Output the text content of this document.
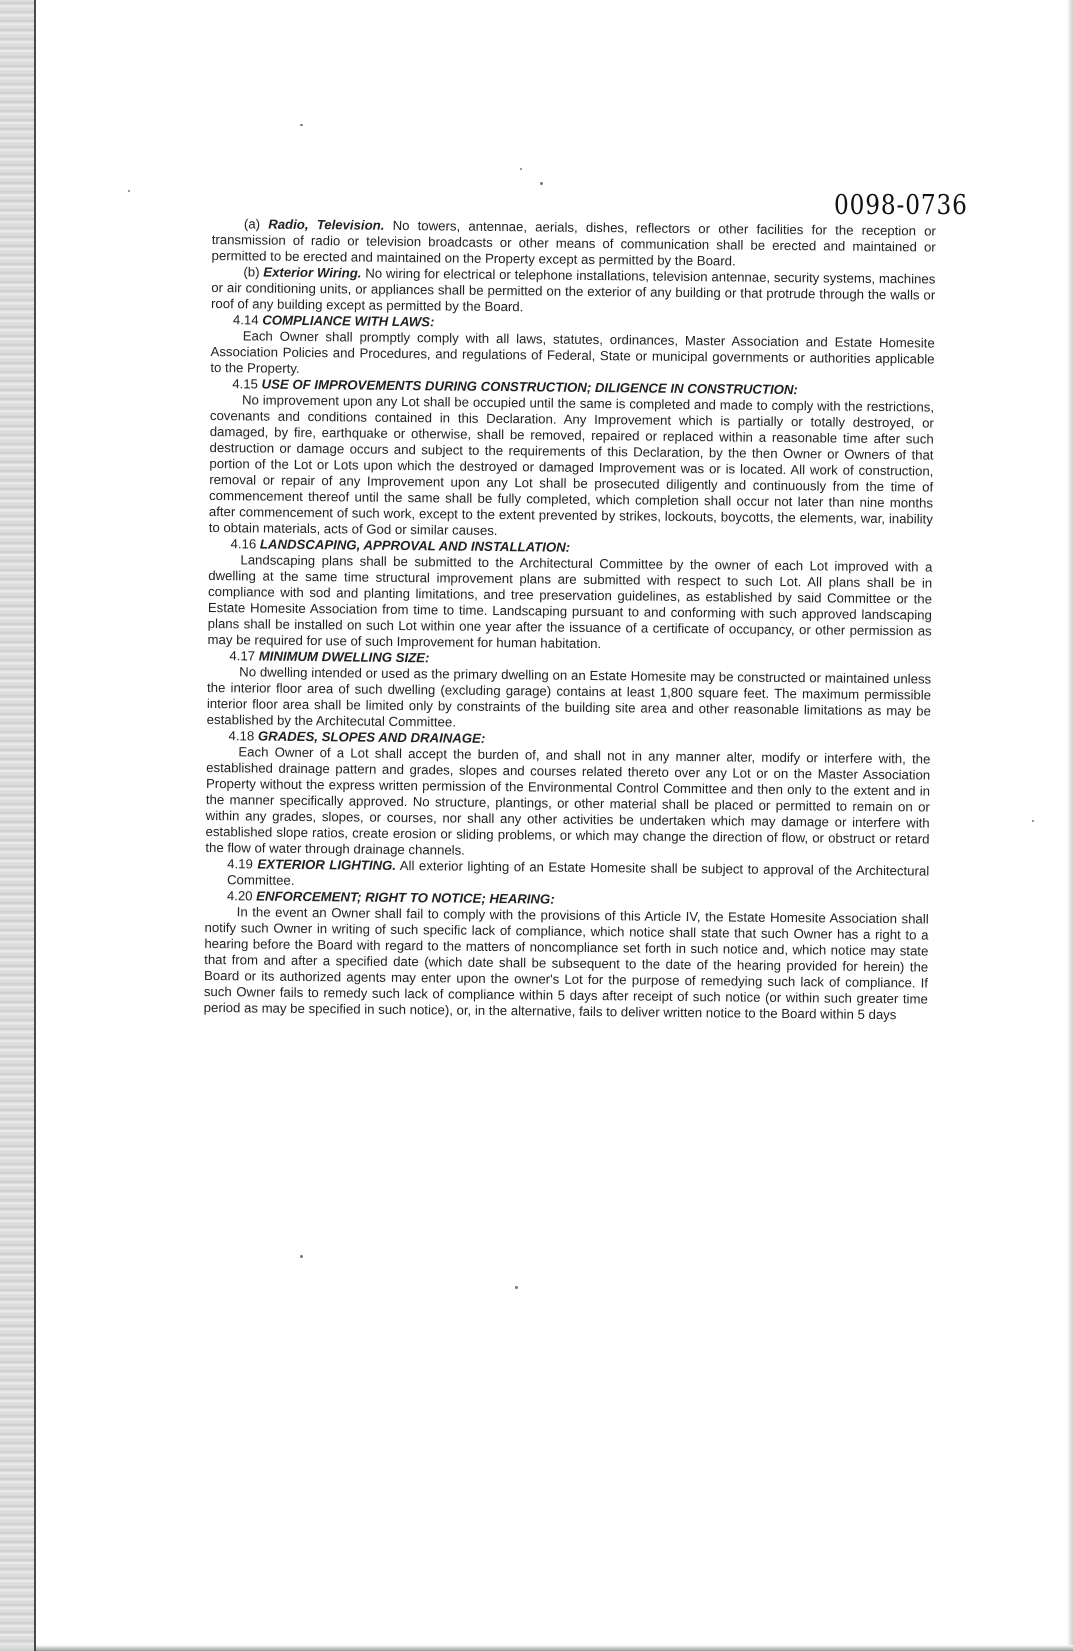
0098-0736

(a) Radio, Television. No towers, antennae, aerials, dishes, reflectors or other facilities for the reception or transmission of radio or television broadcasts or other means of communication shall be erected and maintained or permitted to be erected and maintained on the Property except as permitted by the Board.

(b) Exterior Wiring. No wiring for electrical or telephone installations, television antennae, security systems, machines or air conditioning units, or appliances shall be permitted on the exterior of any building or that protrude through the walls or roof of any building except as permitted by the Board.

4.14 COMPLIANCE WITH LAWS:

Each Owner shall promptly comply with all laws, statutes, ordinances, Master Association and Estate Homesite Association Policies and Procedures, and regulations of Federal, State or municipal governments or authorities applicable to the Property.

4.15 USE OF IMPROVEMENTS DURING CONSTRUCTION; DILIGENCE IN CONSTRUCTION:

No improvement upon any Lot shall be occupied until the same is completed and made to comply with the restrictions, covenants and conditions contained in this Declaration. Any Improvement which is partially or totally destroyed, or damaged, by fire, earthquake or otherwise, shall be removed, repaired or replaced within a reasonable time after such destruction or damage occurs and subject to the requirements of this Declaration, by the then Owner or Owners of that portion of the Lot or Lots upon which the destroyed or damaged Improvement was or is located. All work of construction, removal or repair of any Improvement upon any Lot shall be prosecuted diligently and continuously from the time of commencement thereof until the same shall be fully completed, which completion shall occur not later than nine months after commencement of such work, except to the extent prevented by strikes, lockouts, boycotts, the elements, war, inability to obtain materials, acts of God or similar causes.

4.16 LANDSCAPING, APPROVAL AND INSTALLATION:

Landscaping plans shall be submitted to the Architectural Committee by the owner of each Lot improved with a dwelling at the same time structural improvement plans are submitted with respect to such Lot. All plans shall be in compliance with sod and planting limitations, and tree preservation guidelines, as established by said Committee or the Estate Homesite Association from time to time. Landscaping pursuant to and conforming with such approved landscaping plans shall be installed on such Lot within one year after the issuance of a certificate of occupancy, or other permission as may be required for use of such Improvement for human habitation.

4.17 MINIMUM DWELLING SIZE:

No dwelling intended or used as the primary dwelling on an Estate Homesite may be constructed or maintained unless the interior floor area of such dwelling (excluding garage) contains at least 1,800 square feet. The maximum permissible interior floor area shall be limited only by constraints of the building site area and other reasonable limitations as may be established by the Architecutal Committee.

4.18 GRADES, SLOPES AND DRAINAGE:

Each Owner of a Lot shall accept the burden of, and shall not in any manner alter, modify or interfere with, the established drainage pattern and grades, slopes and courses related thereto over any Lot or on the Master Association Property without the express written permission of the Environmental Control Committee and then only to the extent and in the manner specifically approved. No structure, plantings, or other material shall be placed or permitted to remain on or within any grades, slopes, or courses, nor shall any other activities be undertaken which may damage or interfere with established slope ratios, create erosion or sliding problems, or which may change the direction of flow, or obstruct or retard the flow of water through drainage channels.

4.19 EXTERIOR LIGHTING. All exterior lighting of an Estate Homesite shall be subject to approval of the Architectural Committee.

4.20 ENFORCEMENT; RIGHT TO NOTICE; HEARING:

In the event an Owner shall fail to comply with the provisions of this Article IV, the Estate Homesite Association shall notify such Owner in writing of such specific lack of compliance, which notice shall state that such Owner has a right to a hearing before the Board with regard to the matters of noncompliance set forth in such notice and, which notice may state that from and after a specified date (which date shall be subsequent to the date of the hearing provided for herein) the Board or its authorized agents may enter upon the owner's Lot for the purpose of remedying such lack of compliance. If such Owner fails to remedy such lack of compliance within 5 days after receipt of such notice (or within such greater time period as may be specified in such notice), or, in the alternative, fails to deliver written notice to the Board within 5 days
